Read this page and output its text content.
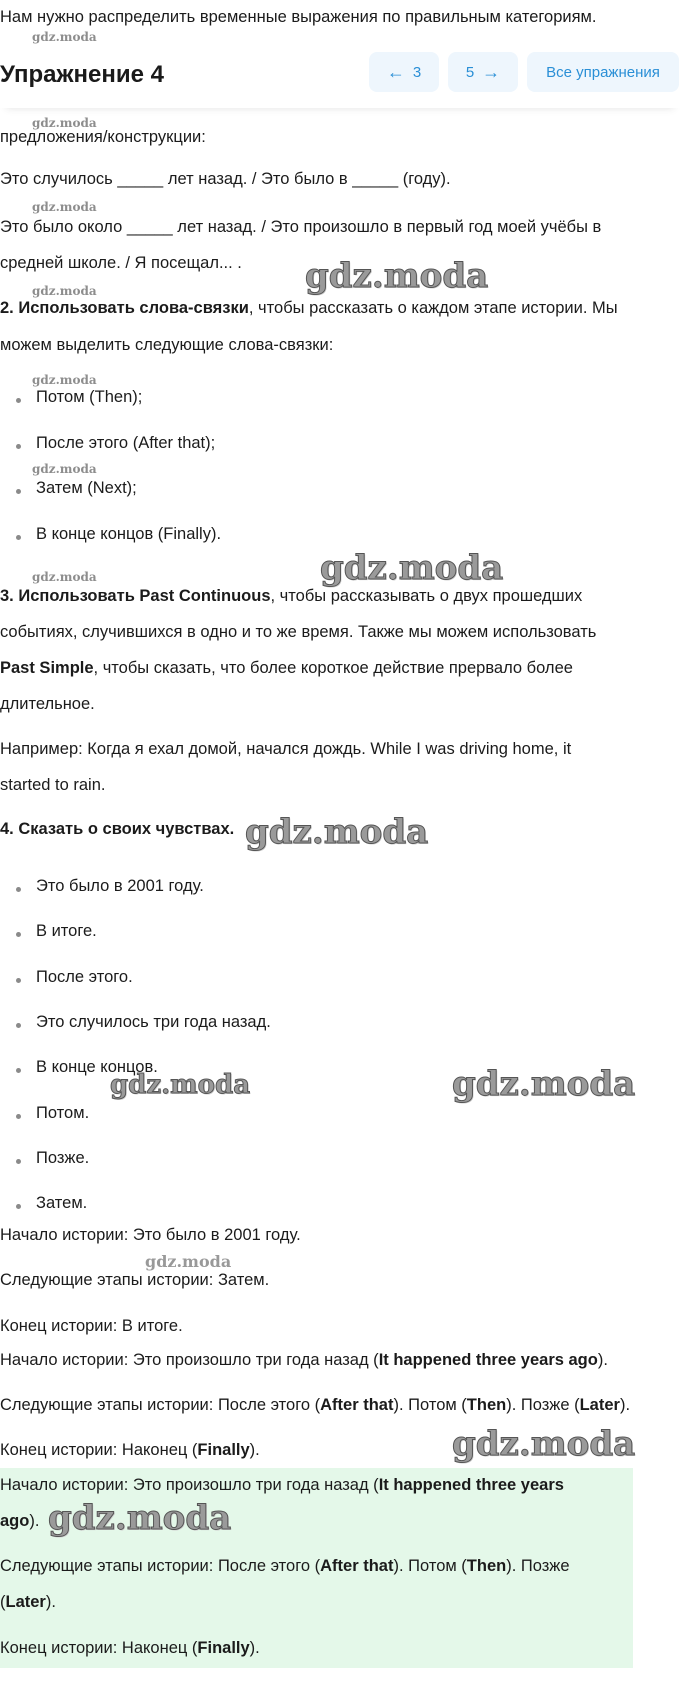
Нам нужно распределить временные выражения по правильным категориям.
gdz.moda
Упражнение 4	← 3	5 →	Все упражнения
gdz.moda
предложения/конструкции:
Это случилось _____ лет назад. / Это было в _____ (году).
gdz.moda
Это было около _____ лет назад. / Это произошло в первый год моей учёбы в
средней школе. / Я посещал... . gdz.moda
gdz.moda
2. Использовать слова-связки, чтобы рассказать о каждом этапе истории. Мы
можем выделить следующие слова-связки:
gdz.moda
Потом (Then);
После этого (After that);
gdz.moda
Затем (Next);
В конце концов (Finally).
gdz.moda
gdz.moda
3. Использовать Past Continuous, чтобы рассказывать о двух прошедших
событиях, случившихся в одно и то же время. Также мы можем использовать
Past Simple, чтобы сказать, что более короткое действие прервало более
длительное.
Например: Когда я ехал домой, начался дождь. While I was driving home, it
started to rain.
4. Сказать о своих чувствах. gdz.moda
Это было в 2001 году.
В итоге.
После этого.
Это случилось три года назад.
В конце концов.
gdz.moda	gdz.moda
Потом.
Позже.
Затем.
Начало истории: Это было в 2001 году.
gdz.moda
Следующие этапы истории: Затем.
Конец истории: В итоге.
Начало истории: Это произошло три года назад (It happened three years ago).
Следующие этапы истории: После этого (After that). Потом (Then). Позже (Later).
gdz.moda
Конец истории: Наконец (Finally).
Начало истории: Это произошло три года назад (It happened three years
ago). gdz.moda
Следующие этапы истории: После этого (After that). Потом (Then). Позже
(Later).
Конец истории: Наконец (Finally).
